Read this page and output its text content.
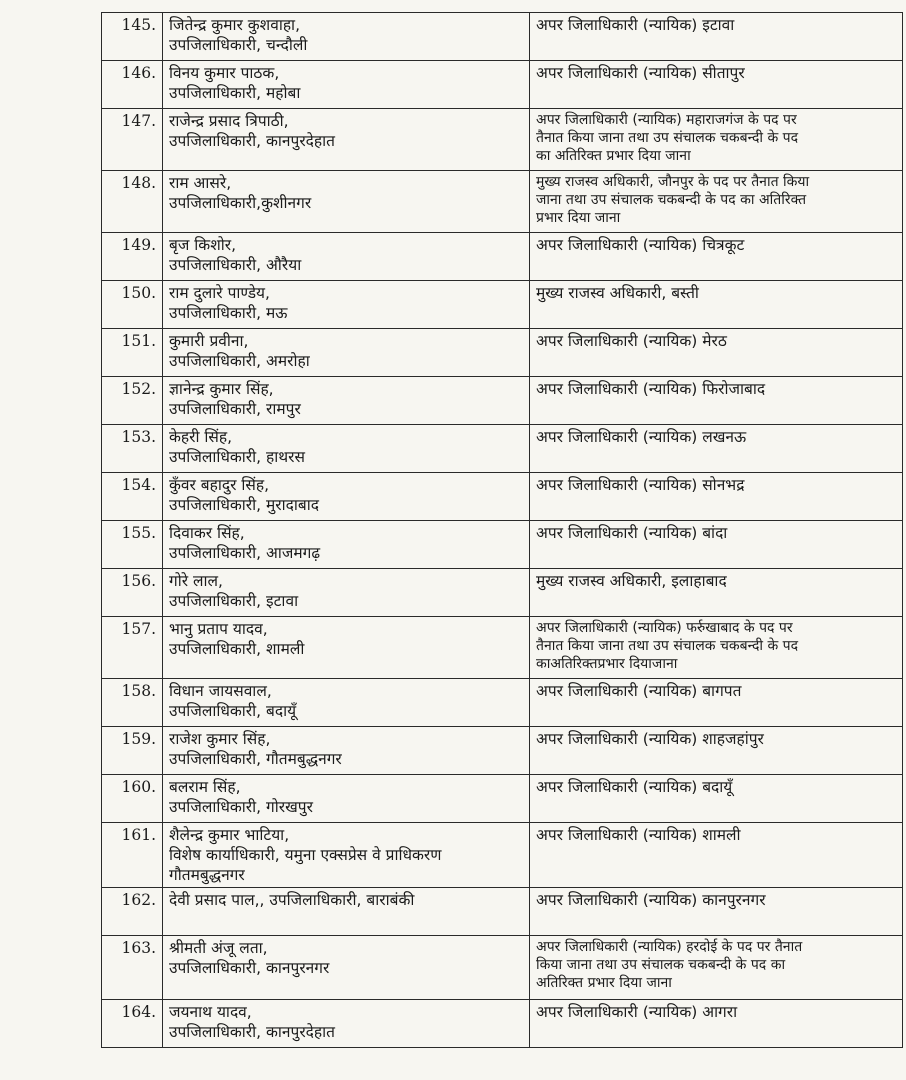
145.	जितेन्द्र कुमार कुशवाहा,
उपजिलाधिकारी, चन्दौली	अपर जिलाधिकारी (न्यायिक) इटावा

146.	विनय कुमार पाठक,
उपजिलाधिकारी, महोबा	अपर जिलाधिकारी (न्यायिक) सीतापुर

147.	राजेन्द्र प्रसाद त्रिपाठी,
उपजिलाधिकारी, कानपुरदेहात	अपर जिलाधिकारी (न्यायिक) महाराजगंज के पद पर
तैनात किया जाना तथा उप संचालक चकबन्दी के पद
का अतिरिक्त प्रभार दिया जाना

148.	राम आसरे,
उपजिलाधिकारी,कुशीनगर	मुख्य राजस्व अधिकारी, जौनपुर के पद पर तैनात किया
जाना तथा उप संचालक चकबन्दी के पद का अतिरिक्त
प्रभार दिया जाना

149.	बृज किशोर,
उपजिलाधिकारी, औरैया	अपर जिलाधिकारी (न्यायिक) चित्रकूट

150.	राम दुलारे पाण्डेय,
उपजिलाधिकारी, मऊ	मुख्य राजस्व अधिकारी, बस्ती

151.	कुमारी प्रवीना,
उपजिलाधिकारी, अमरोहा	अपर जिलाधिकारी (न्यायिक) मेरठ

152.	ज्ञानेन्द्र कुमार सिंह,
उपजिलाधिकारी, रामपुर	अपर जिलाधिकारी (न्यायिक) फिरोजाबाद

153.	केहरी सिंह,
उपजिलाधिकारी, हाथरस	अपर जिलाधिकारी (न्यायिक) लखनऊ

154.	कुँवर बहादुर सिंह,
उपजिलाधिकारी, मुरादाबाद	अपर जिलाधिकारी (न्यायिक) सोनभद्र

155.	दिवाकर सिंह,
उपजिलाधिकारी, आजमगढ़	अपर जिलाधिकारी (न्यायिक) बांदा

156.	गोरे लाल,
उपजिलाधिकारी, इटावा	मुख्य राजस्व अधिकारी, इलाहाबाद

157.	भानु प्रताप यादव,
उपजिलाधिकारी, शामली	अपर जिलाधिकारी (न्यायिक) फर्रुखाबाद के पद पर
तैनात किया जाना तथा उप संचालक चकबन्दी के पद
काअतिरिक्तप्रभार दियाजाना

158.	विधान जायसवाल,
उपजिलाधिकारी, बदायूँ	अपर जिलाधिकारी (न्यायिक) बागपत

159.	राजेश कुमार सिंह,
उपजिलाधिकारी, गौतमबुद्धनगर	अपर जिलाधिकारी (न्यायिक) शाहजहांपुर

160.	बलराम सिंह,
उपजिलाधिकारी, गोरखपुर	अपर जिलाधिकारी (न्यायिक) बदायूँ

161.	शैलेन्द्र कुमार भाटिया,
विशेष कार्याधिकारी, यमुना एक्सप्रेस वे प्राधिकरण
गौतमबुद्धनगर	अपर जिलाधिकारी (न्यायिक) शामली

162.	देवी प्रसाद पाल,, उपजिलाधिकारी, बाराबंकी	अपर जिलाधिकारी (न्यायिक) कानपुरनगर

163.	श्रीमती अंजू लता,
उपजिलाधिकारी, कानपुरनगर	अपर जिलाधिकारी (न्यायिक) हरदोई के पद पर तैनात
किया जाना तथा उप संचालक चकबन्दी के पद का
अतिरिक्त प्रभार दिया जाना

164.	जयनाथ यादव,
उपजिलाधिकारी, कानपुरदेहात	अपर जिलाधिकारी (न्यायिक) आगरा
